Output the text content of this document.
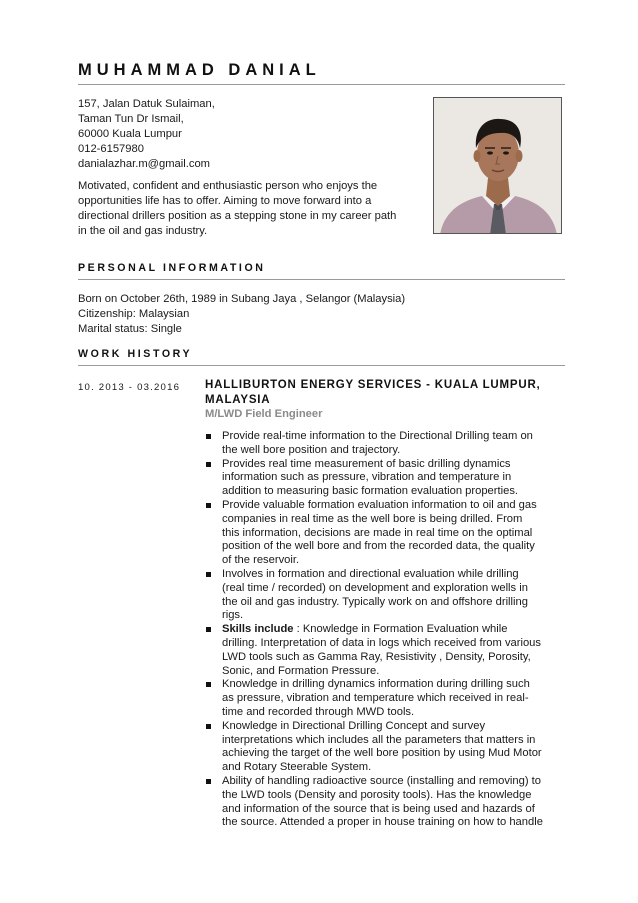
MUHAMMAD DANIAL
157, Jalan Datuk Sulaiman,
Taman Tun Dr Ismail,
60000 Kuala Lumpur
012-6157980
danialazhar.m@gmail.com
Motivated, confident and enthusiastic person who enjoys the
opportunities life has to offer. Aiming to move forward into a
directional drillers position as a stepping stone in my career path
in the oil and gas industry.
PERSONAL INFORMATION
Born on October 26th, 1989 in Subang Jaya , Selangor (Malaysia)
Citizenship: Malaysian
Marital status: Single
WORK HISTORY
10. 2013 - 03.2016 HALLIBURTON ENERGY SERVICES - KUALA LUMPUR,
MALAYSIA
M/LWD Field Engineer
Provide real-time information to the Directional Drilling team on
the well bore position and trajectory.
Provides real time measurement of basic drilling dynamics
information such as pressure, vibration and temperature in
addition to measuring basic formation evaluation properties.
Provide valuable formation evaluation information to oil and gas
companies in real time as the well bore is being drilled. From
this information, decisions are made in real time on the optimal
position of the well bore and from the recorded data, the quality
of the reservoir.
Involves in formation and directional evaluation while drilling
(real time / recorded) on development and exploration wells in
the oil and gas industry. Typically work on and offshore drilling
rigs.
Skills include : Knowledge in Formation Evaluation while
drilling. Interpretation of data in logs which received from various
LWD tools such as Gamma Ray, Resistivity , Density, Porosity,
Sonic, and Formation Pressure.
Knowledge in drilling dynamics information during drilling such
as pressure, vibration and temperature which received in real-
time and recorded through MWD tools.
Knowledge in Directional Drilling Concept and survey
interpretations which includes all the parameters that matters in
achieving the target of the well bore position by using Mud Motor
and Rotary Steerable System.
Ability of handling radioactive source (installing and removing) to
the LWD tools (Density and porosity tools). Has the knowledge
and information of the source that is being used and hazards of
the source. Attended a proper in house training on how to handle
